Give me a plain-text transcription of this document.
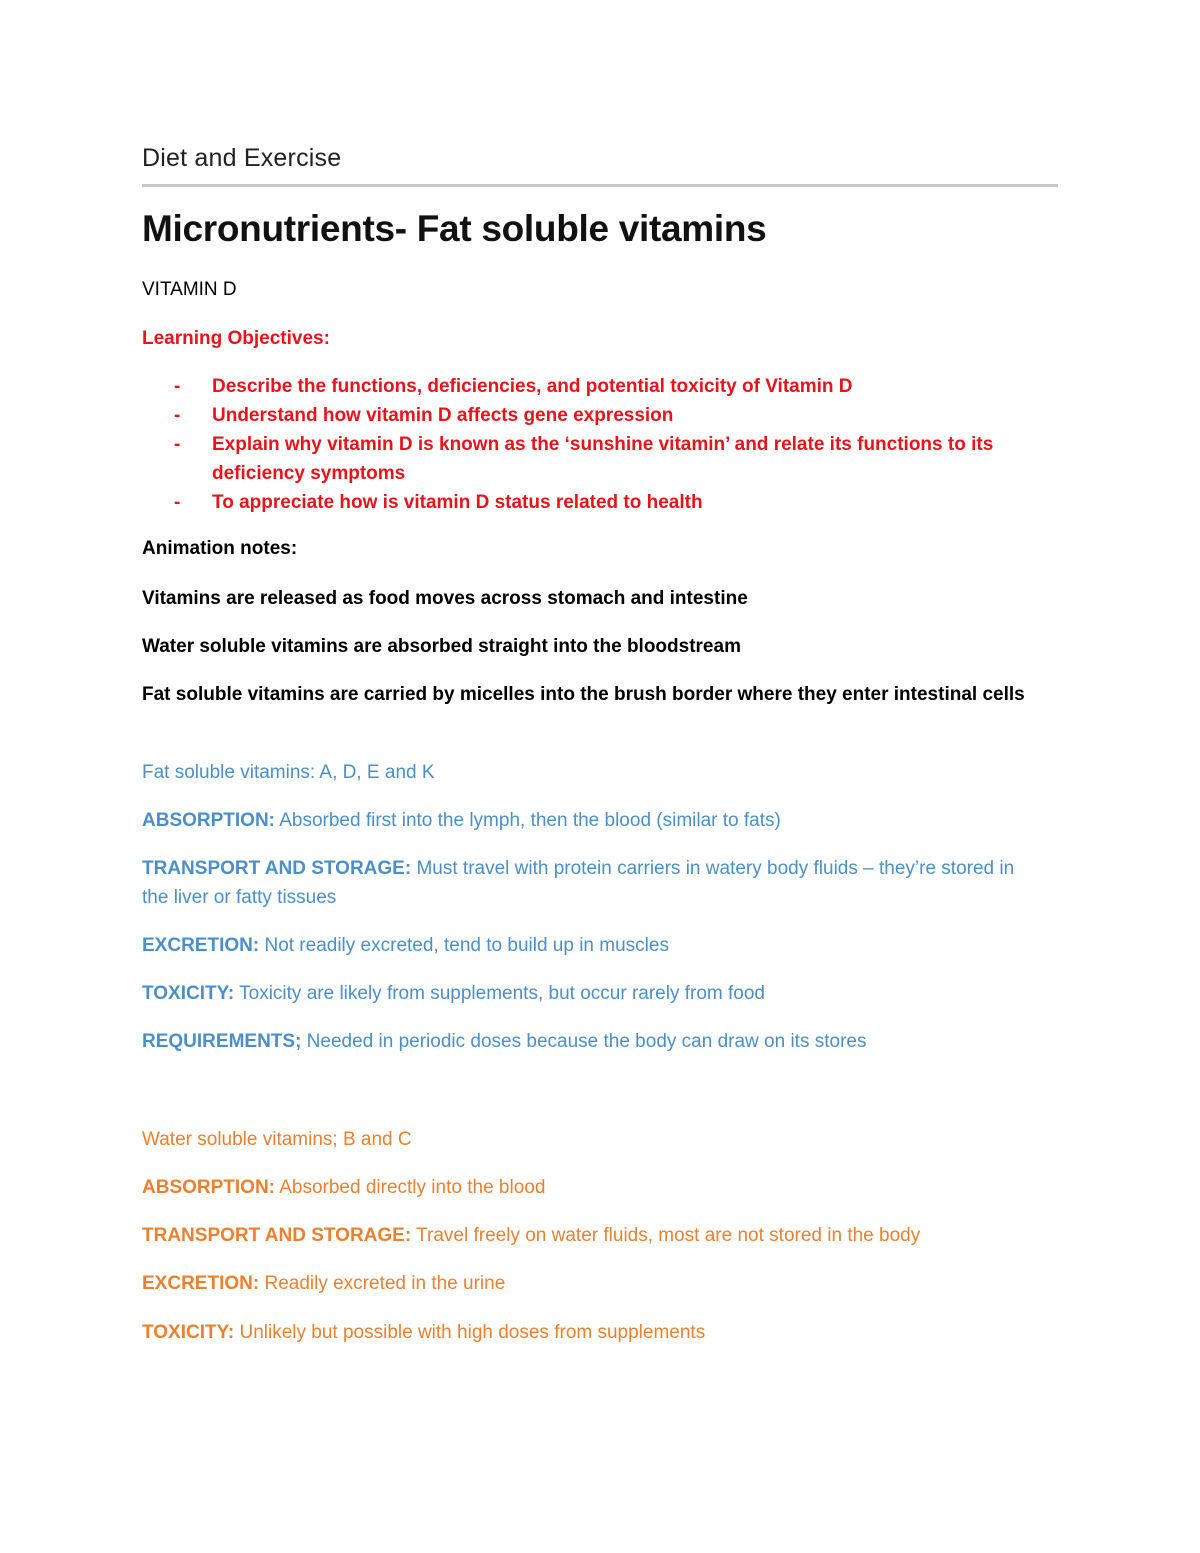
Diet and Exercise
Micronutrients- Fat soluble vitamins
VITAMIN D
Learning Objectives:
- Describe the functions, deficiencies, and potential toxicity of Vitamin D
- Understand how vitamin D affects gene expression
- Explain why vitamin D is known as the ‘sunshine vitamin’ and relate its functions to its deficiency symptoms
- To appreciate how is vitamin D status related to health
Animation notes:
Vitamins are released as food moves across stomach and intestine
Water soluble vitamins are absorbed straight into the bloodstream
Fat soluble vitamins are carried by micelles into the brush border where they enter intestinal cells
Fat soluble vitamins: A, D, E and K
ABSORPTION: Absorbed first into the lymph, then the blood (similar to fats)
TRANSPORT AND STORAGE: Must travel with protein carriers in watery body fluids – they’re stored in the liver or fatty tissues
EXCRETION: Not readily excreted, tend to build up in muscles
TOXICITY: Toxicity are likely from supplements, but occur rarely from food
REQUIREMENTS; Needed in periodic doses because the body can draw on its stores
Water soluble vitamins; B and C
ABSORPTION: Absorbed directly into the blood
TRANSPORT AND STORAGE: Travel freely on water fluids, most are not stored in the body
EXCRETION: Readily excreted in the urine
TOXICITY: Unlikely but possible with high doses from supplements
